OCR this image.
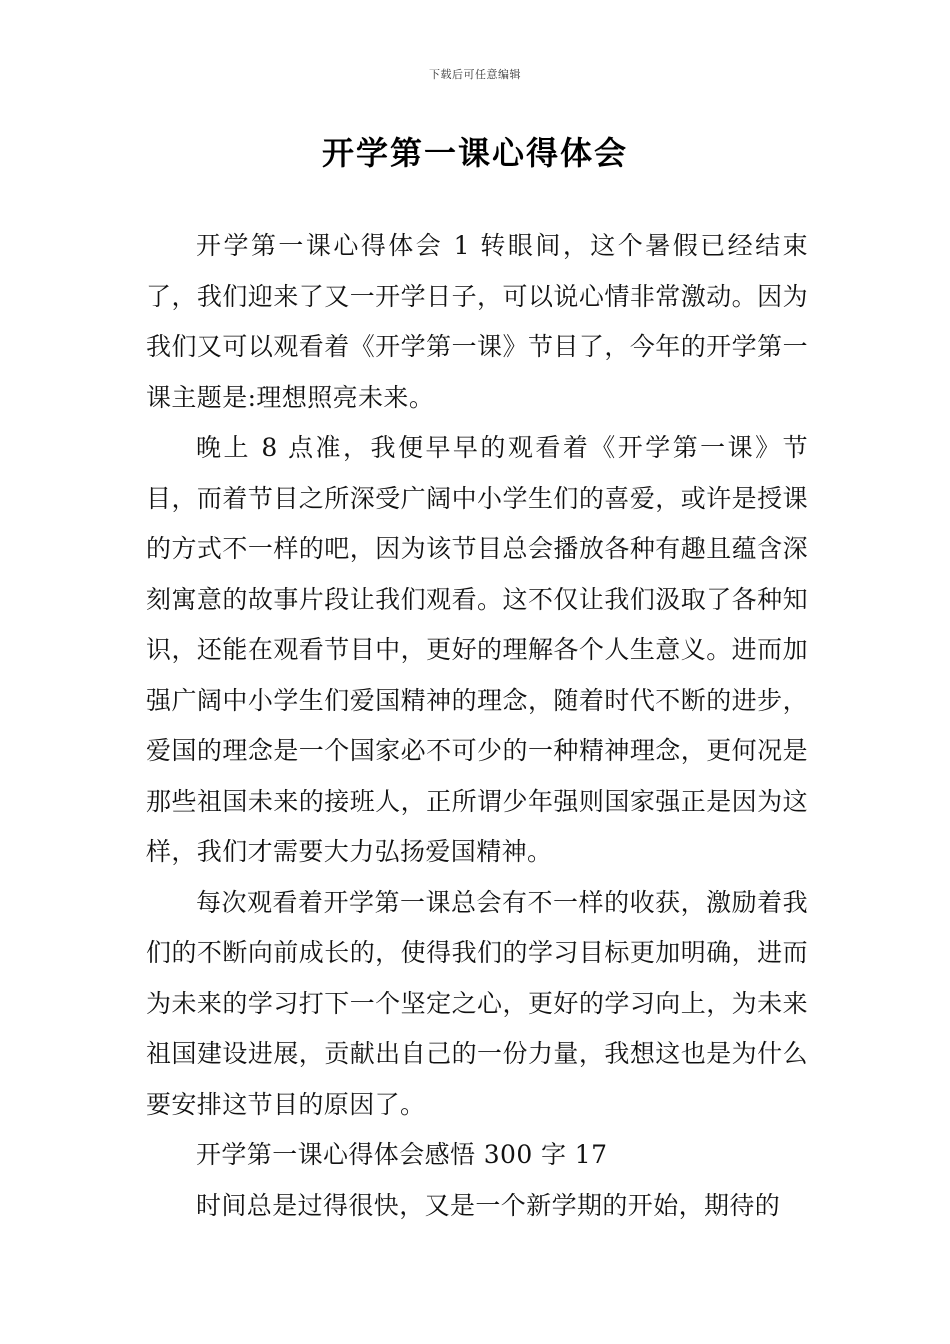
下载后可任意编辑
开学第一课心得体会

开学第一课心得体会 1 转眼间，这个暑假已经结束了，我们迎来了又一开学日子，可以说心情非常激动。因为我们又可以观看着《开学第一课》节目了，今年的开学第一课主题是:理想照亮未来。

晚上 8 点准，我便早早的观看着《开学第一课》节目，而着节目之所深受广阔中小学生们的喜爱，或许是授课的方式不一样的吧，因为该节目总会播放各种有趣且蕴含深刻寓意的故事片段让我们观看。这不仅让我们汲取了各种知识，还能在观看节目中，更好的理解各个人生意义。进而加强广阔中小学生们爱国精神的理念，随着时代不断的进步，爱国的理念是一个国家必不可少的一种精神理念，更何况是那些祖国未来的接班人，正所谓少年强则国家强正是因为这样，我们才需要大力弘扬爱国精神。

每次观看着开学第一课总会有不一样的收获，激励着我们的不断向前成长的，使得我们的学习目标更加明确，进而为未来的学习打下一个坚定之心，更好的学习向上，为未来祖国建设进展，贡献出自己的一份力量，我想这也是为什么要安排这节目的原因了。

开学第一课心得体会感悟 300 字 17

时间总是过得很快，又是一个新学期的开始，期待的
